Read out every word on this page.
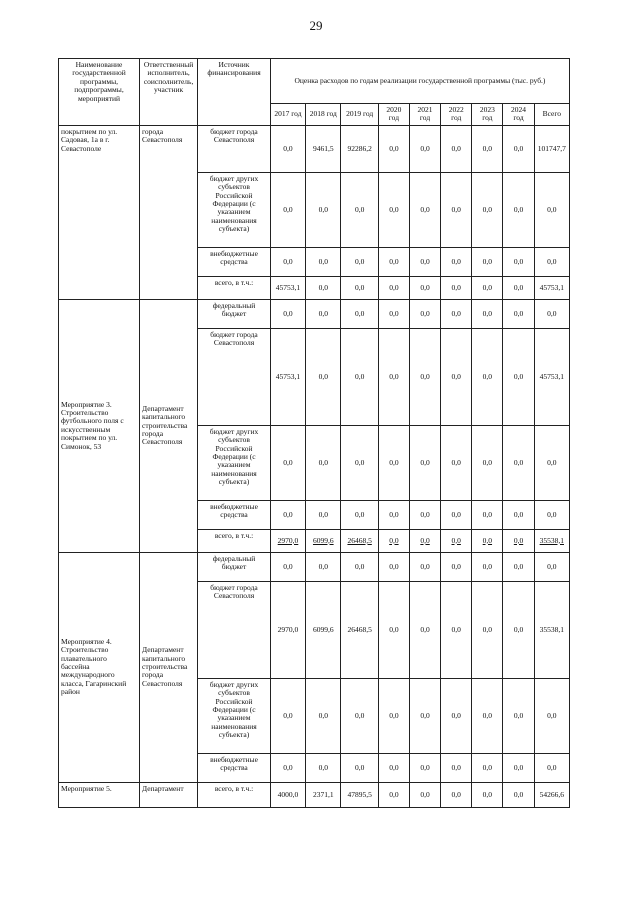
29
Наименование государственной программы, подпрограммы, мероприятий	Ответственный исполнитель, соисполнитель, участник	Источник финансирования	Оценка расходов по годам реализации государственной программы (тыс. руб.)								
			2017 год	2018 год	2019 год	2020 год	2021 год	2022 год	2023 год	2024 год	Всего
покрытием по ул. Садовая, 1а в г. Севастополе	города Севастополя	бюджет города Севастополя	0,0	9461,5	92286,2	0,0	0,0	0,0	0,0	0,0	101747,7
		бюджет других субъектов Российской Федерации (с указанием наименования субъекта)	0,0	0,0	0,0	0,0	0,0	0,0	0,0	0,0	0,0
		внебюджетные средства	0,0	0,0	0,0	0,0	0,0	0,0	0,0	0,0	0,0
		всего, в т.ч.:	45753,1	0,0	0,0	0,0	0,0	0,0	0,0	0,0	45753,1
Мероприятие 3. Строительство футбольного поля с искусственным покрытием по ул. Симонок, 53	Департамент капитального строительства города Севастополя	федеральный бюджет	0,0	0,0	0,0	0,0	0,0	0,0	0,0	0,0	0,0
		бюджет города Севастополя	45753,1	0,0	0,0	0,0	0,0	0,0	0,0	0,0	45753,1
		бюджет других субъектов Российской Федерации (с указанием наименования субъекта)	0,0	0,0	0,0	0,0	0,0	0,0	0,0	0,0	0,0
		внебюджетные средства	0,0	0,0	0,0	0,0	0,0	0,0	0,0	0,0	0,0
		всего, в т.ч.:	2970,0	6099,6	26468,5	0,0	0,0	0,0	0,0	0,0	35538,1
Мероприятие 4. Строительство плавательного бассейна международного класса, Гагаринский район	Департамент капитального строительства города Севастополя	федеральный бюджет	0,0	0,0	0,0	0,0	0,0	0,0	0,0	0,0	0,0
		бюджет города Севастополя	2970,0	6099,6	26468,5	0,0	0,0	0,0	0,0	0,0	35538,1
		бюджет других субъектов Российской Федерации (с указанием наименования субъекта)	0,0	0,0	0,0	0,0	0,0	0,0	0,0	0,0	0,0
		внебюджетные средства	0,0	0,0	0,0	0,0	0,0	0,0	0,0	0,0	0,0
Мероприятие 5.	Департамент	всего, в т.ч.:	4000,0	2371,1	47895,5	0,0	0,0	0,0	0,0	0,0	54266,6
